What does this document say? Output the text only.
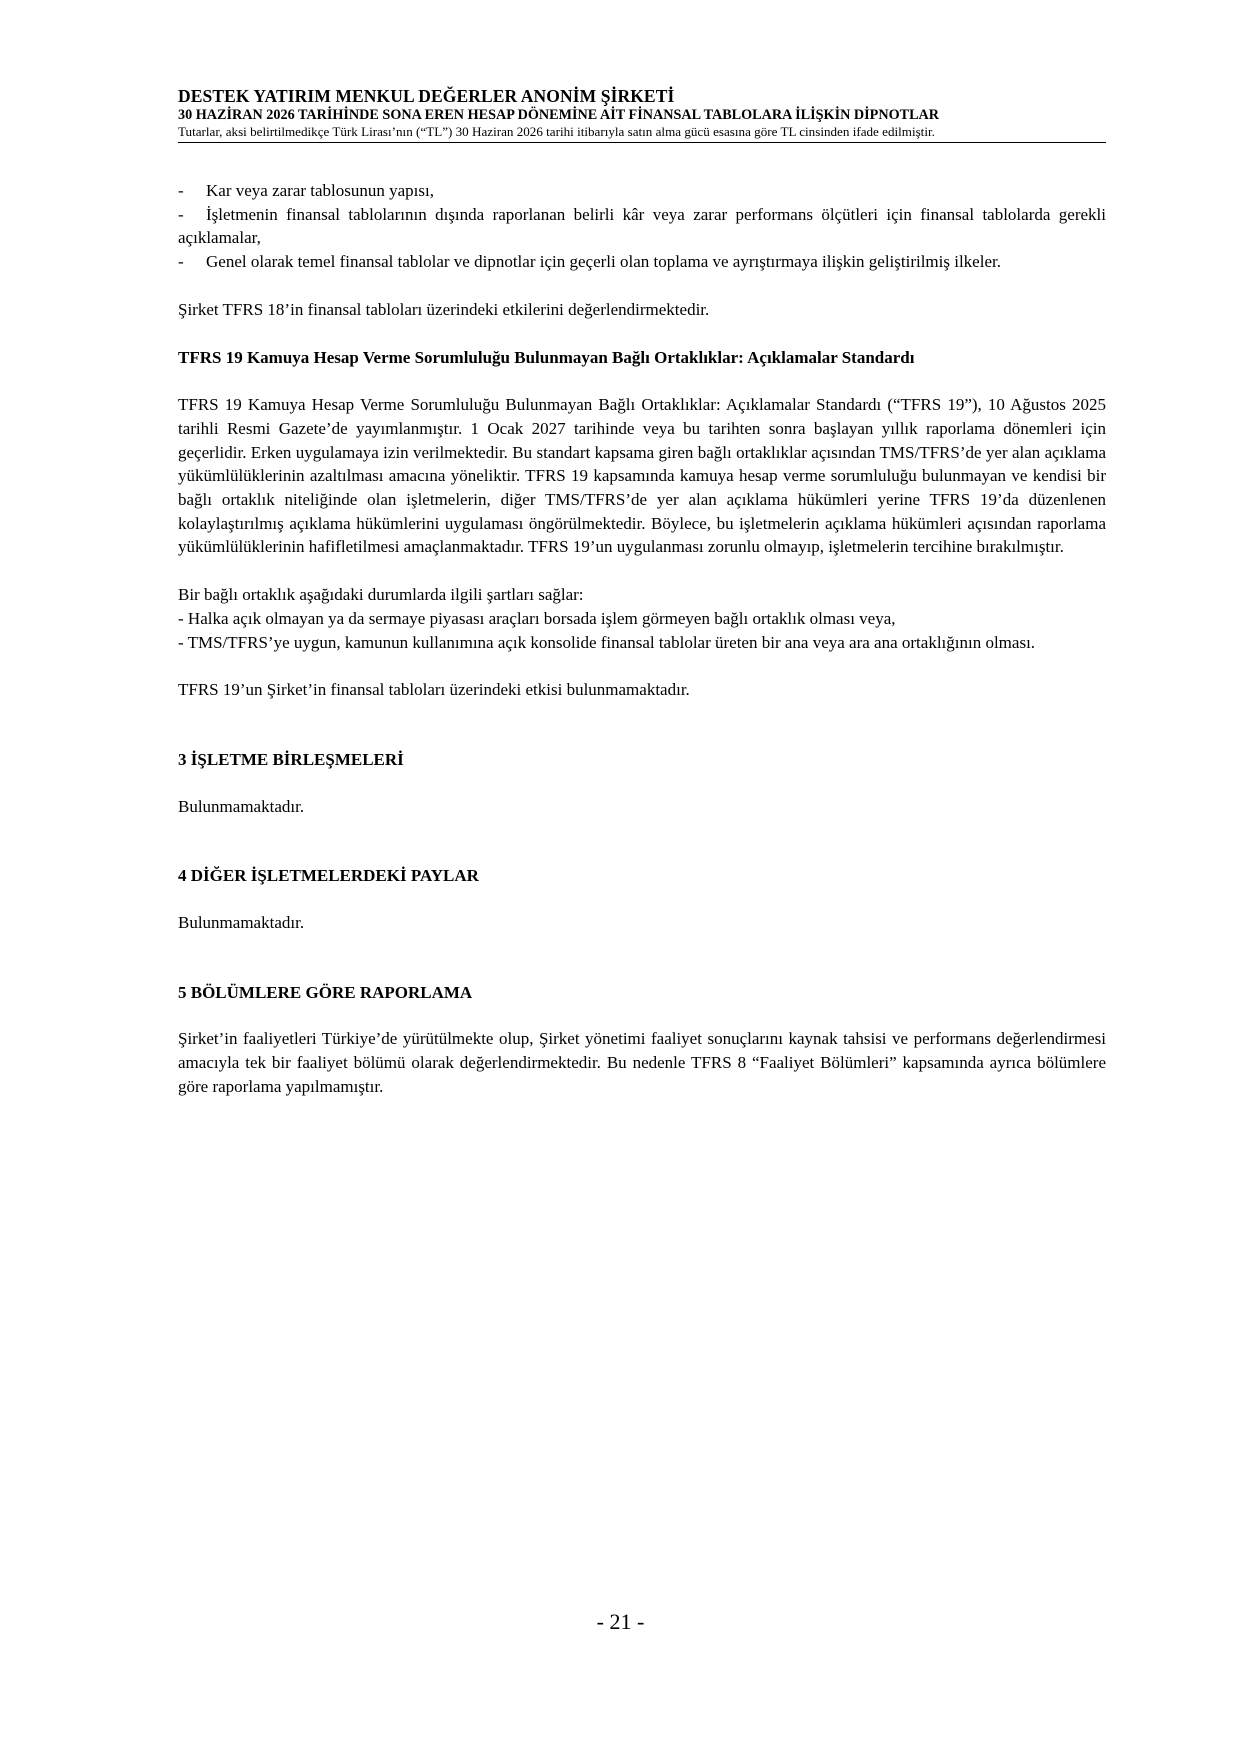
DESTEK YATIRIM MENKUL DEĞERLER ANONİM ŞİRKETİ
30 HAZİRAN 2026 TARİHİNDE SONA EREN HESAP DÖNEMİNE AİT FİNANSAL TABLOLARA İLİŞKİN DİPNOTLAR
Tutarlar, aksi belirtilmedikçe Türk Lirası’nın (“TL”) 30 Haziran 2026 tarihi itibarıyla satın alma gücü esasına göre TL cinsinden ifade edilmiştir.

- Kar veya zarar tablosunun yapısı,

- İşletmenin finansal tablolarının dışında raporlanan belirli kâr veya zarar performans ölçütleri için finansal tablolarda gerekli açıklamalar,

- Genel olarak temel finansal tablolar ve dipnotlar için geçerli olan toplama ve ayrıştırmaya ilişkin geliştirilmiş ilkeler.

Şirket TFRS 18’in finansal tabloları üzerindeki etkilerini değerlendirmektedir.

TFRS 19 Kamuya Hesap Verme Sorumluluğu Bulunmayan Bağlı Ortaklıklar: Açıklamalar Standardı

TFRS 19 Kamuya Hesap Verme Sorumluluğu Bulunmayan Bağlı Ortaklıklar: Açıklamalar Standardı (“TFRS 19”), 10 Ağustos 2025 tarihli Resmi Gazete’de yayımlanmıştır. 1 Ocak 2027 tarihinde veya bu tarihten sonra başlayan yıllık raporlama dönemleri için geçerlidir. Erken uygulamaya izin verilmektedir. Bu standart kapsama giren bağlı ortaklıklar açısından TMS/TFRS’de yer alan açıklama yükümlülüklerinin azaltılması amacına yöneliktir. TFRS 19 kapsamında kamuya hesap verme sorumluluğu bulunmayan ve kendisi bir bağlı ortaklık niteliğinde olan işletmelerin, diğer TMS/TFRS’de yer alan açıklama hükümleri yerine TFRS 19’da düzenlenen kolaylaştırılmış açıklama hükümlerini uygulaması öngörülmektedir. Böylece, bu işletmelerin açıklama hükümleri açısından raporlama yükümlülüklerinin hafifletilmesi amaçlanmaktadır. TFRS 19’un uygulanması zorunlu olmayıp, işletmelerin tercihine bırakılmıştır.

Bir bağlı ortaklık aşağıdaki durumlarda ilgili şartları sağlar:

- Halka açık olmayan ya da sermaye piyasası araçları borsada işlem görmeyen bağlı ortaklık olması veya,

- TMS/TFRS’ye uygun, kamunun kullanımına açık konsolide finansal tablolar üreten bir ana veya ara ana ortaklığının olması.

TFRS 19’un Şirket’in finansal tabloları üzerindeki etkisi bulunmamaktadır.

3 İŞLETME BİRLEŞMELERİ

Bulunmamaktadır.

4 DİĞER İŞLETMELERDEKİ PAYLAR

Bulunmamaktadır.

5 BÖLÜMLERE GÖRE RAPORLAMA

Şirket’in faaliyetleri Türkiye’de yürütülmekte olup, Şirket yönetimi faaliyet sonuçlarını kaynak tahsisi ve performans değerlendirmesi amacıyla tek bir faaliyet bölümü olarak değerlendirmektedir. Bu nedenle TFRS 8 “Faaliyet Bölümleri” kapsamında ayrıca bölümlere göre raporlama yapılmamıştır.

- 21 -
